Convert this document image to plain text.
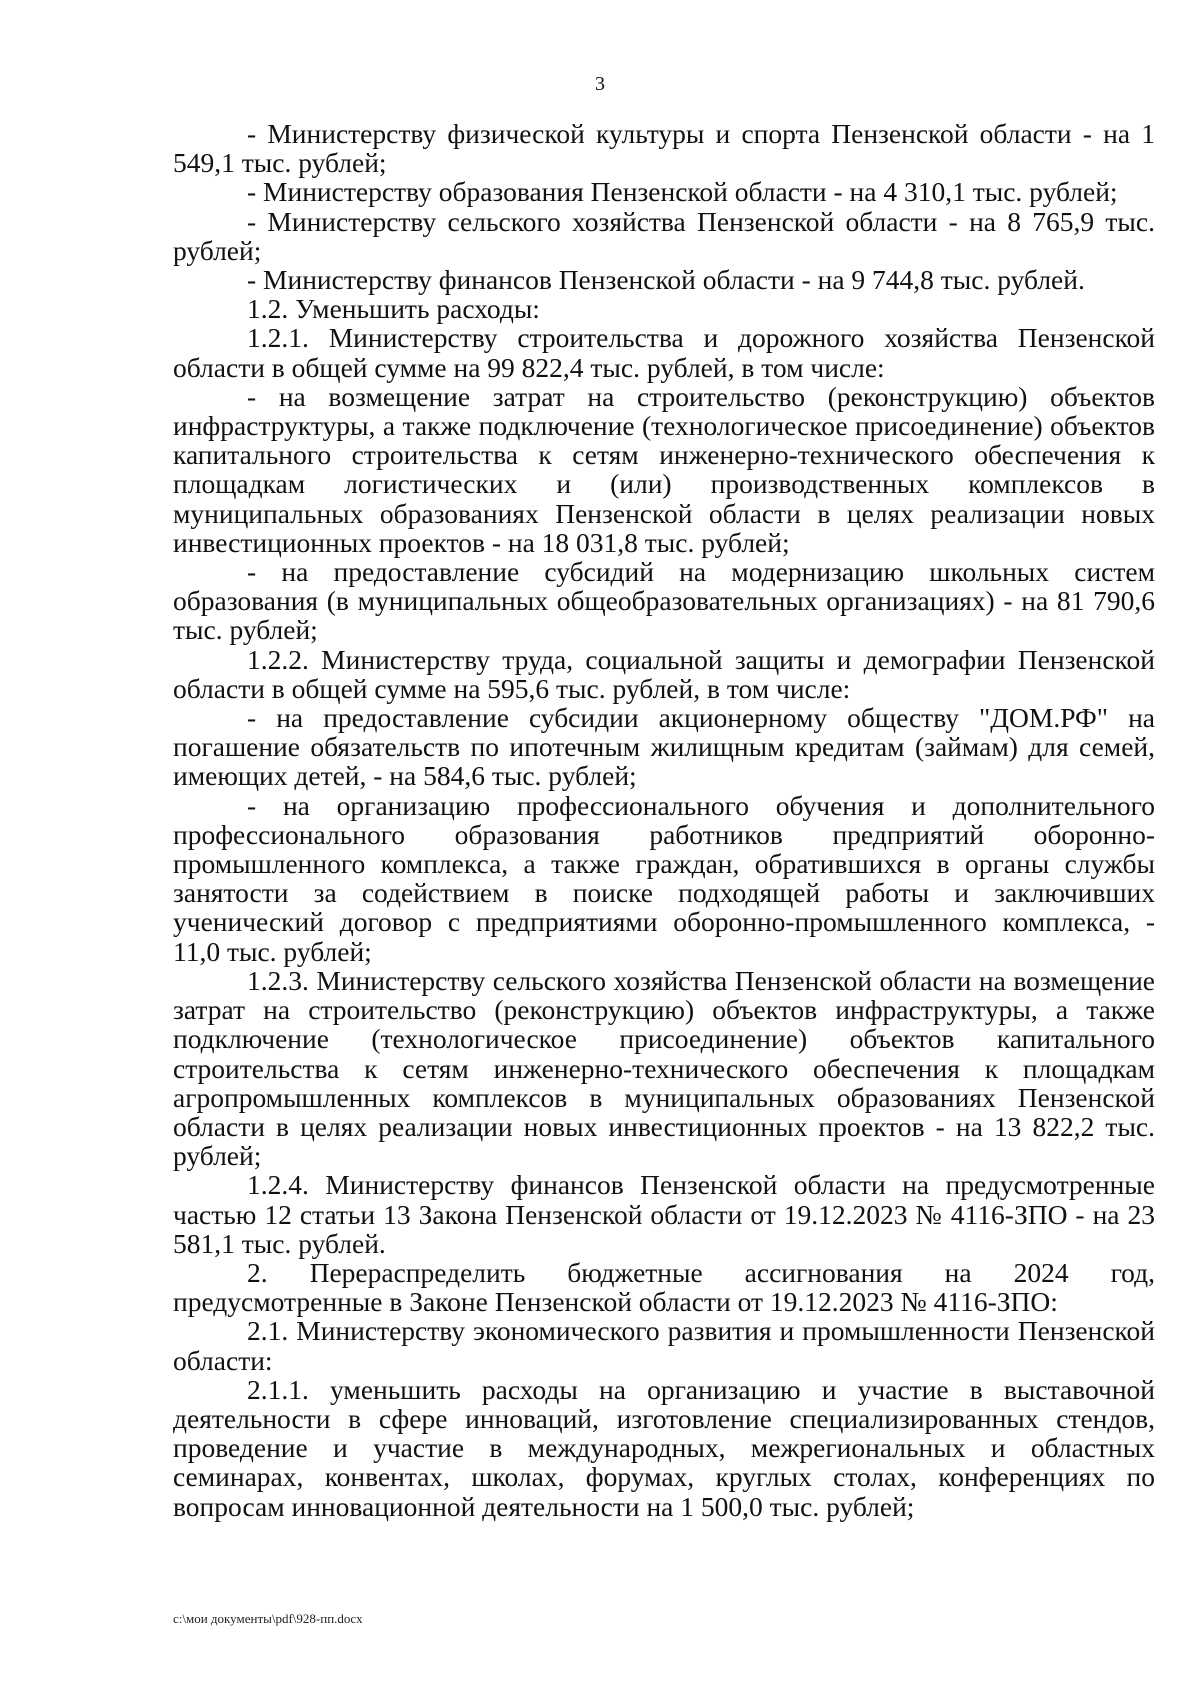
3

- Министерству физической культуры и спорта Пензенской области - на 1 549,1 тыс. рублей;

- Министерству образования Пензенской области - на 4 310,1 тыс. рублей;

- Министерству сельского хозяйства Пензенской области - на 8 765,9 тыс. рублей;

- Министерству финансов Пензенской области - на 9 744,8 тыс. рублей.

1.2. Уменьшить расходы:

1.2.1. Министерству строительства и дорожного хозяйства Пензенской области в общей сумме на 99 822,4 тыс. рублей, в том числе:

- на возмещение затрат на строительство (реконструкцию) объектов инфраструктуры, а также подключение (технологическое присоединение) объектов капитального строительства к сетям инженерно-технического обеспечения к площадкам логистических и (или) производственных комплексов в муниципальных образованиях Пензенской области в целях реализации новых инвестиционных проектов - на 18 031,8 тыс. рублей;

- на предоставление субсидий на модернизацию школьных систем образования (в муниципальных общеобразовательных организациях) - на 81 790,6 тыс. рублей;

1.2.2. Министерству труда, социальной защиты и демографии Пензенской области в общей сумме на 595,6 тыс. рублей, в том числе:

- на предоставление субсидии акционерному обществу "ДОМ.РФ" на погашение обязательств по ипотечным жилищным кредитам (займам) для семей, имеющих детей, - на 584,6 тыс. рублей;

- на организацию профессионального обучения и дополнительного профессионального образования работников предприятий оборонно-промышленного комплекса, а также граждан, обратившихся в органы службы занятости за содействием в поиске подходящей работы и заключивших ученический договор с предприятиями оборонно-промышленного комплекса, - 11,0 тыс. рублей;

1.2.3. Министерству сельского хозяйства Пензенской области на возмещение затрат на строительство (реконструкцию) объектов инфраструктуры, а также подключение (технологическое присоединение) объектов капитального строительства к сетям инженерно-технического обеспечения к площадкам агропромышленных комплексов в муниципальных образованиях Пензенской области в целях реализации новых инвестиционных проектов - на 13 822,2 тыс. рублей;

1.2.4. Министерству финансов Пензенской области на предусмотренные частью 12 статьи 13 Закона Пензенской области от 19.12.2023 № 4116-ЗПО - на 23 581,1 тыс. рублей.

2. Перераспределить бюджетные ассигнования на 2024 год, предусмотренные в Законе Пензенской области от 19.12.2023 № 4116-ЗПО:

2.1. Министерству экономического развития и промышленности Пензенской области:

2.1.1. уменьшить расходы на организацию и участие в выставочной деятельности в сфере инноваций, изготовление специализированных стендов, проведение и участие в международных, межрегиональных и областных семинарах, конвентах, школах, форумах, круглых столах, конференциях по вопросам инновационной деятельности на 1 500,0 тыс. рублей;

c:\мои документы\pdf\928-пп.docx
